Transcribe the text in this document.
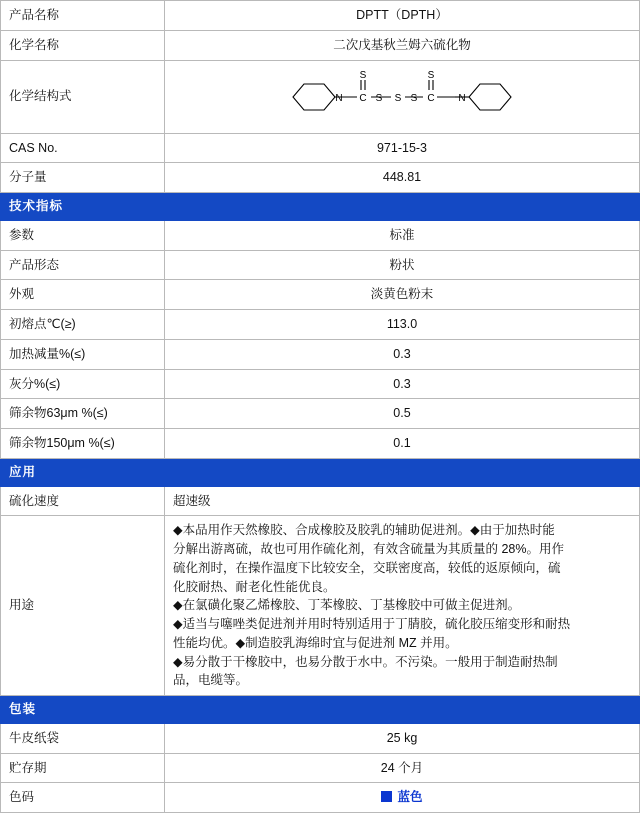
产品名称	DPTT（DPTH）
化学名称	二次戊基秋兰姆六硫化物
化学结构式	N C
S
S S S C
S
N

CAS No.	971-15-3
分子量	448.81
技术指标	
参数	标准
产品形态	粉状
外观	淡黄色粉末
初熔点℃(≥)	113.0
加热减量%(≤)	0.3
灰分%(≤)	0.3
筛余物63μm %(≤)	0.5
筛余物150μm %(≤)	0.1
应用	
硫化速度	超速级
用途	

◆本品用作天然橡胶、合成橡胶及胶乳的辅助促进剂。◆由于加热时能

分解出游离硫，故也可用作硫化剂，有效含硫量为其质量的 28%。用作

硫化剂时，在操作温度下比较安全，交联密度高，较低的返原倾向，硫

化胶耐热、耐老化性能优良。

◆在氯磺化聚乙烯橡胶、丁苯橡胶、丁基橡胶中可做主促进剂。

◆适当与噻唑类促进剂并用时特别适用于丁腈胶，硫化胶压缩变形和耐热

性能均优。◆制造胶乳海绵时宜与促进剂 MZ 并用。

◆易分散于干橡胶中，也易分散于水中。不污染。一般用于制造耐热制

品，电缆等。

包装	
牛皮纸袋	25 kg
贮存期	24 个月
色码	蓝色
